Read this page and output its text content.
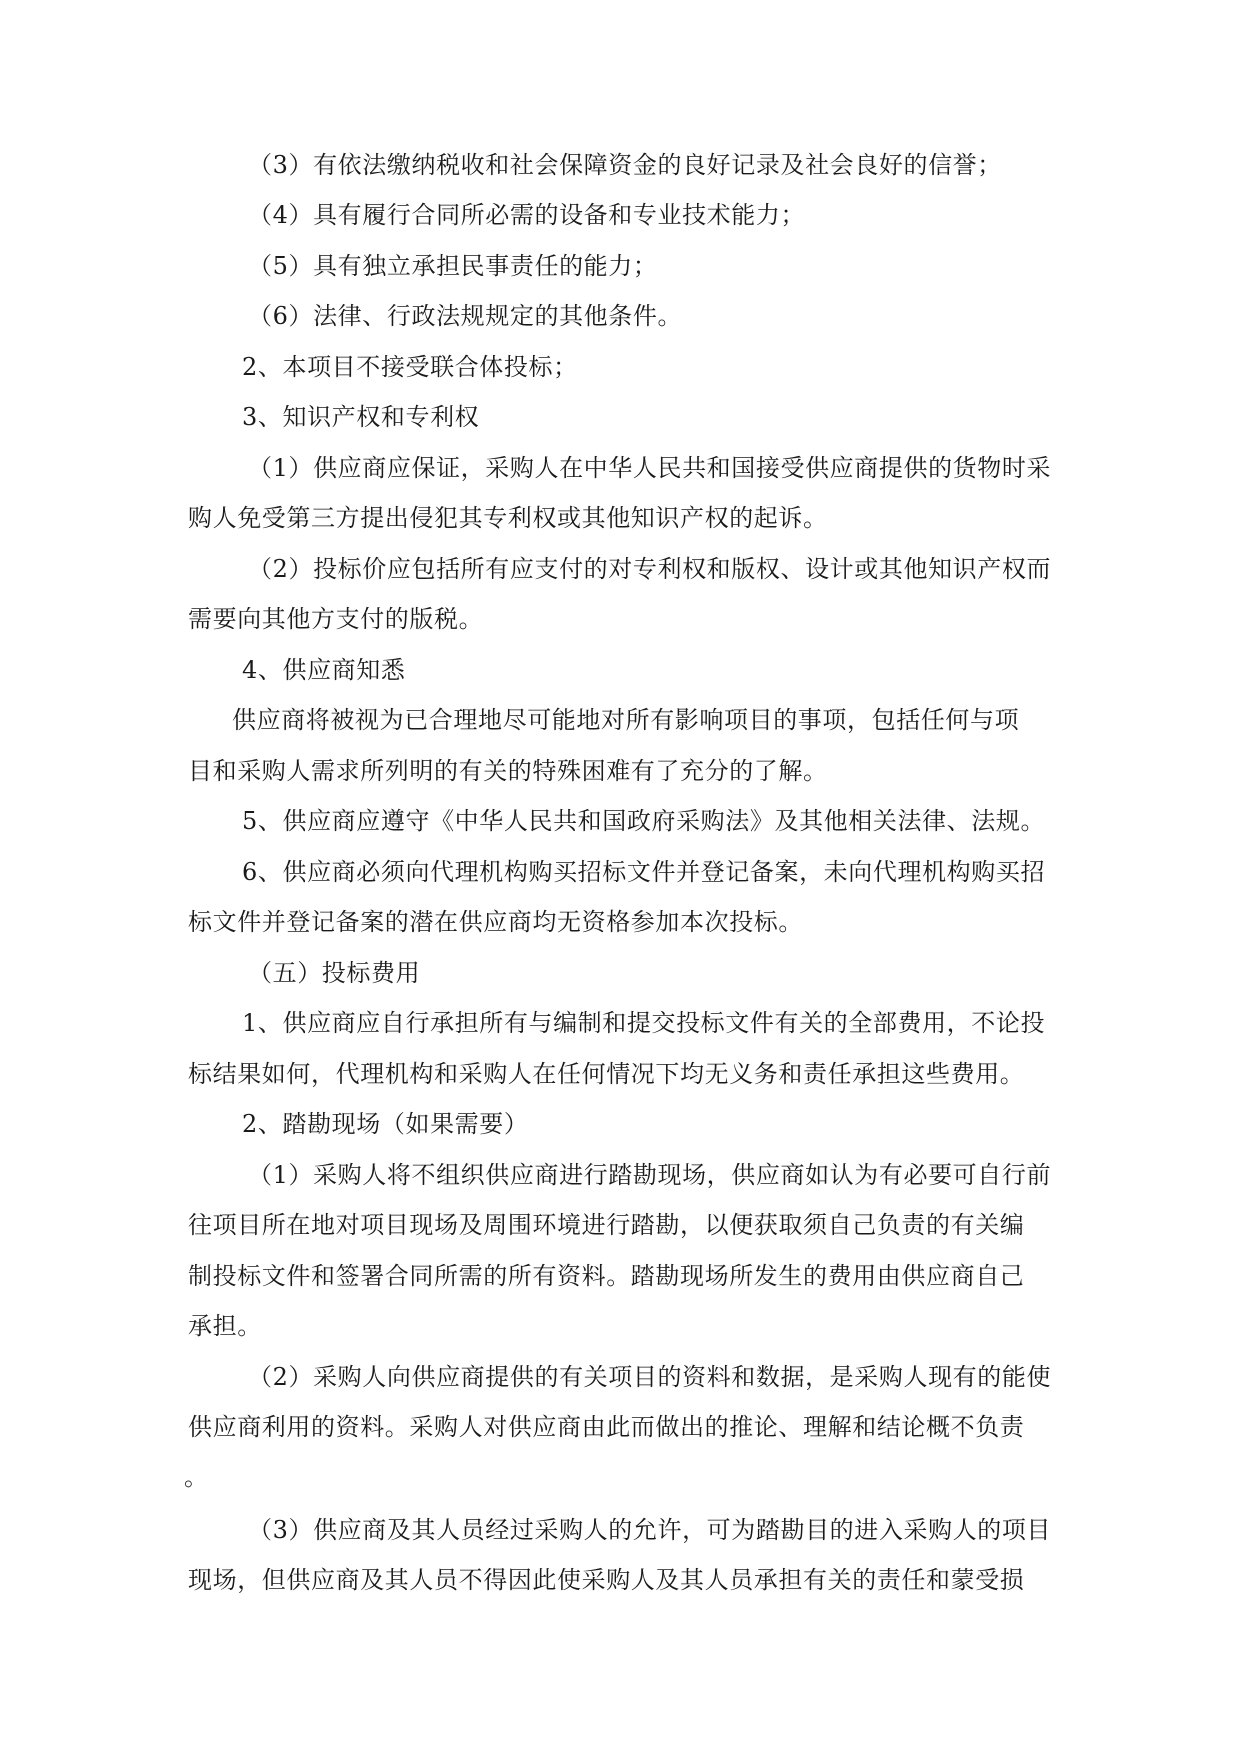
（3）有依法缴纳税收和社会保障资金的良好记录及社会良好的信誉；
（4）具有履行合同所必需的设备和专业技术能力；
（5）具有独立承担民事责任的能力；
（6）法律、行政法规规定的其他条件。
2、本项目不接受联合体投标；
3、知识产权和专利权
（1）供应商应保证，采购人在中华人民共和国接受供应商提供的货物时采
购人免受第三方提出侵犯其专利权或其他知识产权的起诉。
（2）投标价应包括所有应支付的对专利权和版权、设计或其他知识产权而
需要向其他方支付的版税。
4、供应商知悉
供应商将被视为已合理地尽可能地对所有影响项目的事项，包括任何与项
目和采购人需求所列明的有关的特殊困难有了充分的了解。
5、供应商应遵守《中华人民共和国政府采购法》及其他相关法律、法规。
6、供应商必须向代理机构购买招标文件并登记备案，未向代理机构购买招
标文件并登记备案的潜在供应商均无资格参加本次投标。
（五）投标费用
1、供应商应自行承担所有与编制和提交投标文件有关的全部费用，不论投
标结果如何，代理机构和采购人在任何情况下均无义务和责任承担这些费用。
2、踏勘现场（如果需要）
（1）采购人将不组织供应商进行踏勘现场，供应商如认为有必要可自行前
往项目所在地对项目现场及周围环境进行踏勘，以便获取须自己负责的有关编
制投标文件和签署合同所需的所有资料。踏勘现场所发生的费用由供应商自己
承担。
（2）采购人向供应商提供的有关项目的资料和数据，是采购人现有的能使
供应商利用的资料。采购人对供应商由此而做出的推论、理解和结论概不负责
。
（3）供应商及其人员经过采购人的允许，可为踏勘目的进入采购人的项目
现场，但供应商及其人员不得因此使采购人及其人员承担有关的责任和蒙受损
